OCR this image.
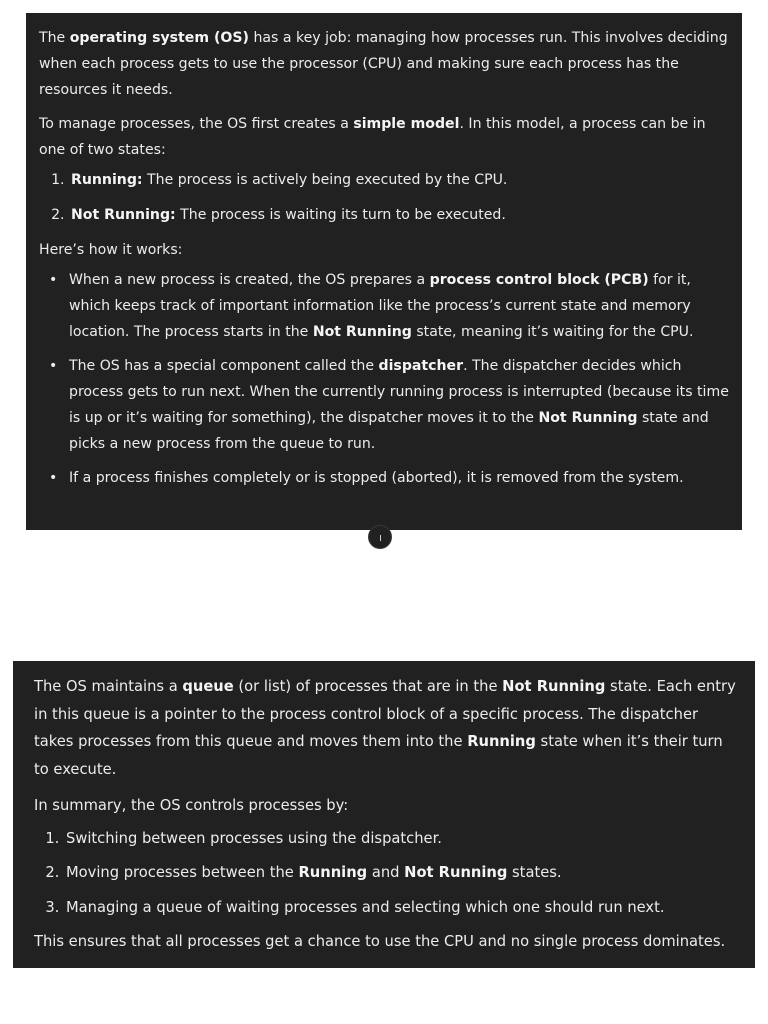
The operating system (OS) has a key job: managing how processes run. This involves deciding when each process gets to use the processor (CPU) and making sure each process has the resources it needs.

To manage processes, the OS first creates a simple model. In this model, a process can be in one of two states:

1. Running: The process is actively being executed by the CPU.
2. Not Running: The process is waiting its turn to be executed.

Here’s how it works:

• When a new process is created, the OS prepares a process control block (PCB) for it, which keeps track of important information like the process’s current state and memory location. The process starts in the Not Running state, meaning it’s waiting for the CPU.
• The OS has a special component called the dispatcher. The dispatcher decides which process gets to run next. When the currently running process is interrupted (because its time is up or it’s waiting for something), the dispatcher moves it to the Not Running state and picks a new process from the queue to run.
• If a process finishes completely or is stopped (aborted), it is removed from the system.

The OS maintains a queue (or list) of processes that are in the Not Running state. Each entry in this queue is a pointer to the process control block of a specific process. The dispatcher takes processes from this queue and moves them into the Running state when it’s their turn to execute.

In summary, the OS controls processes by:

1. Switching between processes using the dispatcher.
2. Moving processes between the Running and Not Running states.
3. Managing a queue of waiting processes and selecting which one should run next.

This ensures that all processes get a chance to use the CPU and no single process dominates.
